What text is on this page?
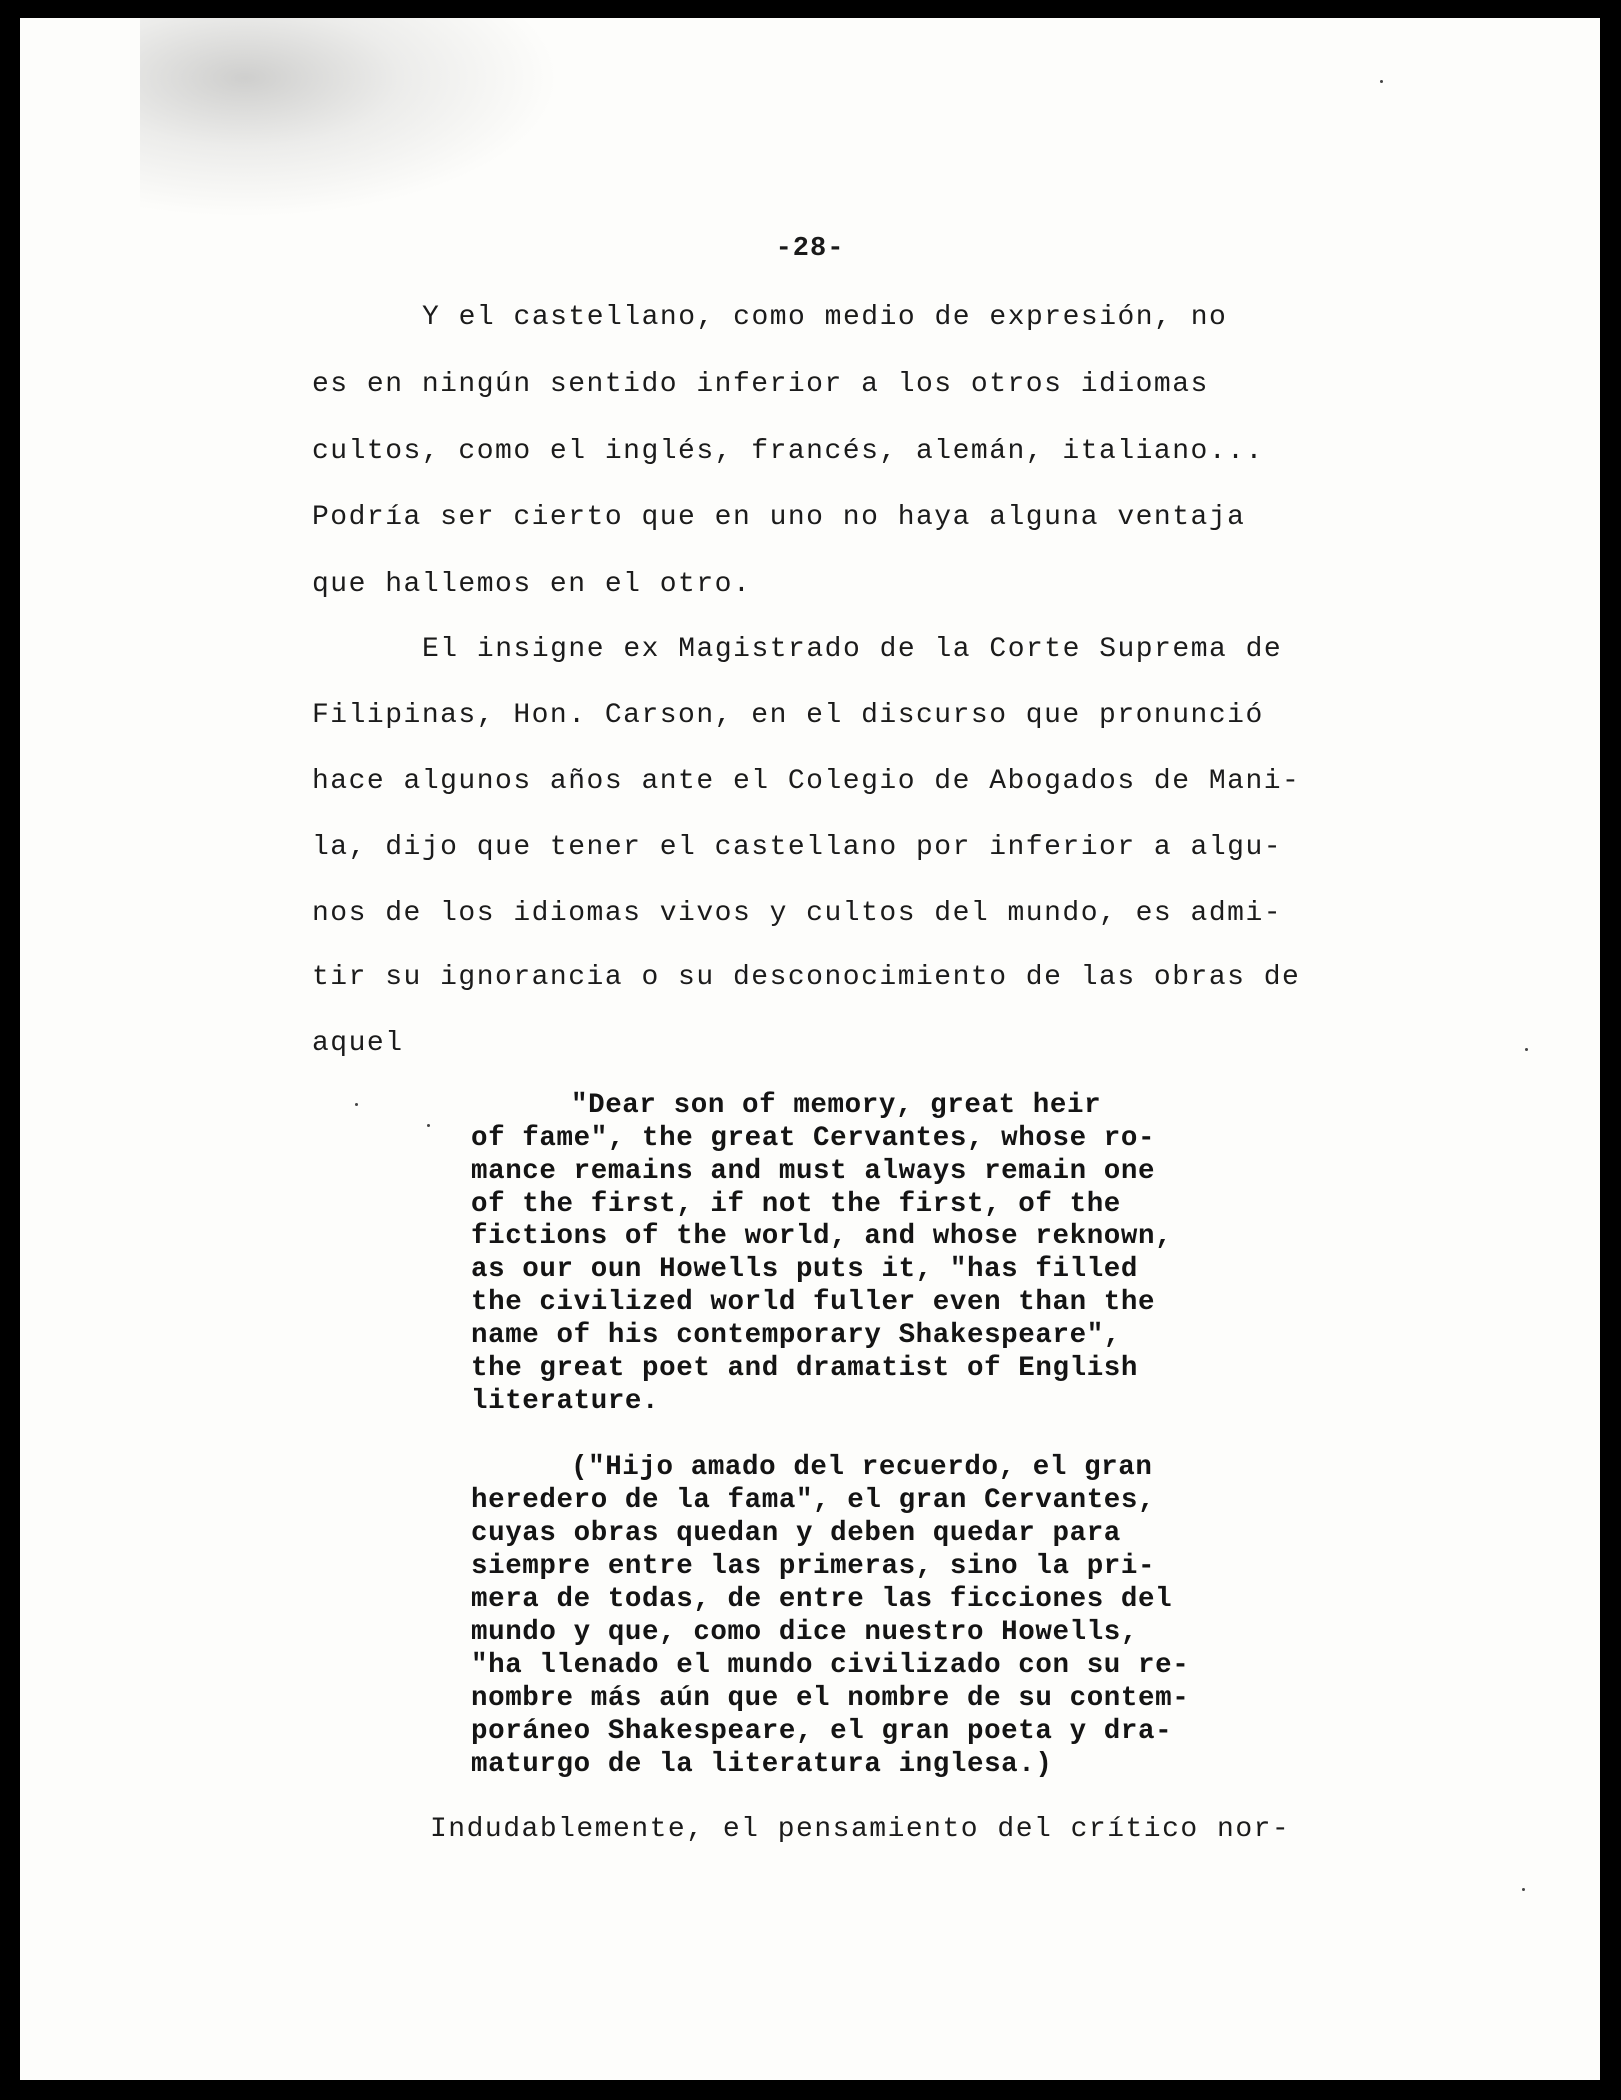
-28-
Y el castellano, como medio de expresión, no
es en ningún sentido inferior a los otros idiomas
cultos, como el inglés, francés, alemán, italiano...
Podría ser cierto que en uno no haya alguna ventaja
que hallemos en el otro.
El insigne ex Magistrado de la Corte Suprema de
Filipinas, Hon. Carson, en el discurso que pronunció
hace algunos años ante el Colegio de Abogados de Mani-
la, dijo que tener el castellano por inferior a algu-
nos de los idiomas vivos y cultos del mundo, es admi-
tir su ignorancia o su desconocimiento de las obras de
aquel
"Dear son of memory, great heir
of fame", the great Cervantes, whose ro-
mance remains and must always remain one
of the first, if not the first, of the
fictions of the world, and whose reknown,
as our oun Howells puts it, "has filled
the civilized world fuller even than the
name of his contemporary Shakespeare",
the great poet and dramatist of English
literature.
("Hijo amado del recuerdo, el gran
heredero de la fama", el gran Cervantes,
cuyas obras quedan y deben quedar para
siempre entre las primeras, sino la pri-
mera de todas, de entre las ficciones del
mundo y que, como dice nuestro Howells,
"ha llenado el mundo civilizado con su re-
nombre más aún que el nombre de su contem-
poráneo Shakespeare, el gran poeta y dra-
maturgo de la literatura inglesa.)
Indudablemente, el pensamiento del crítico nor-
